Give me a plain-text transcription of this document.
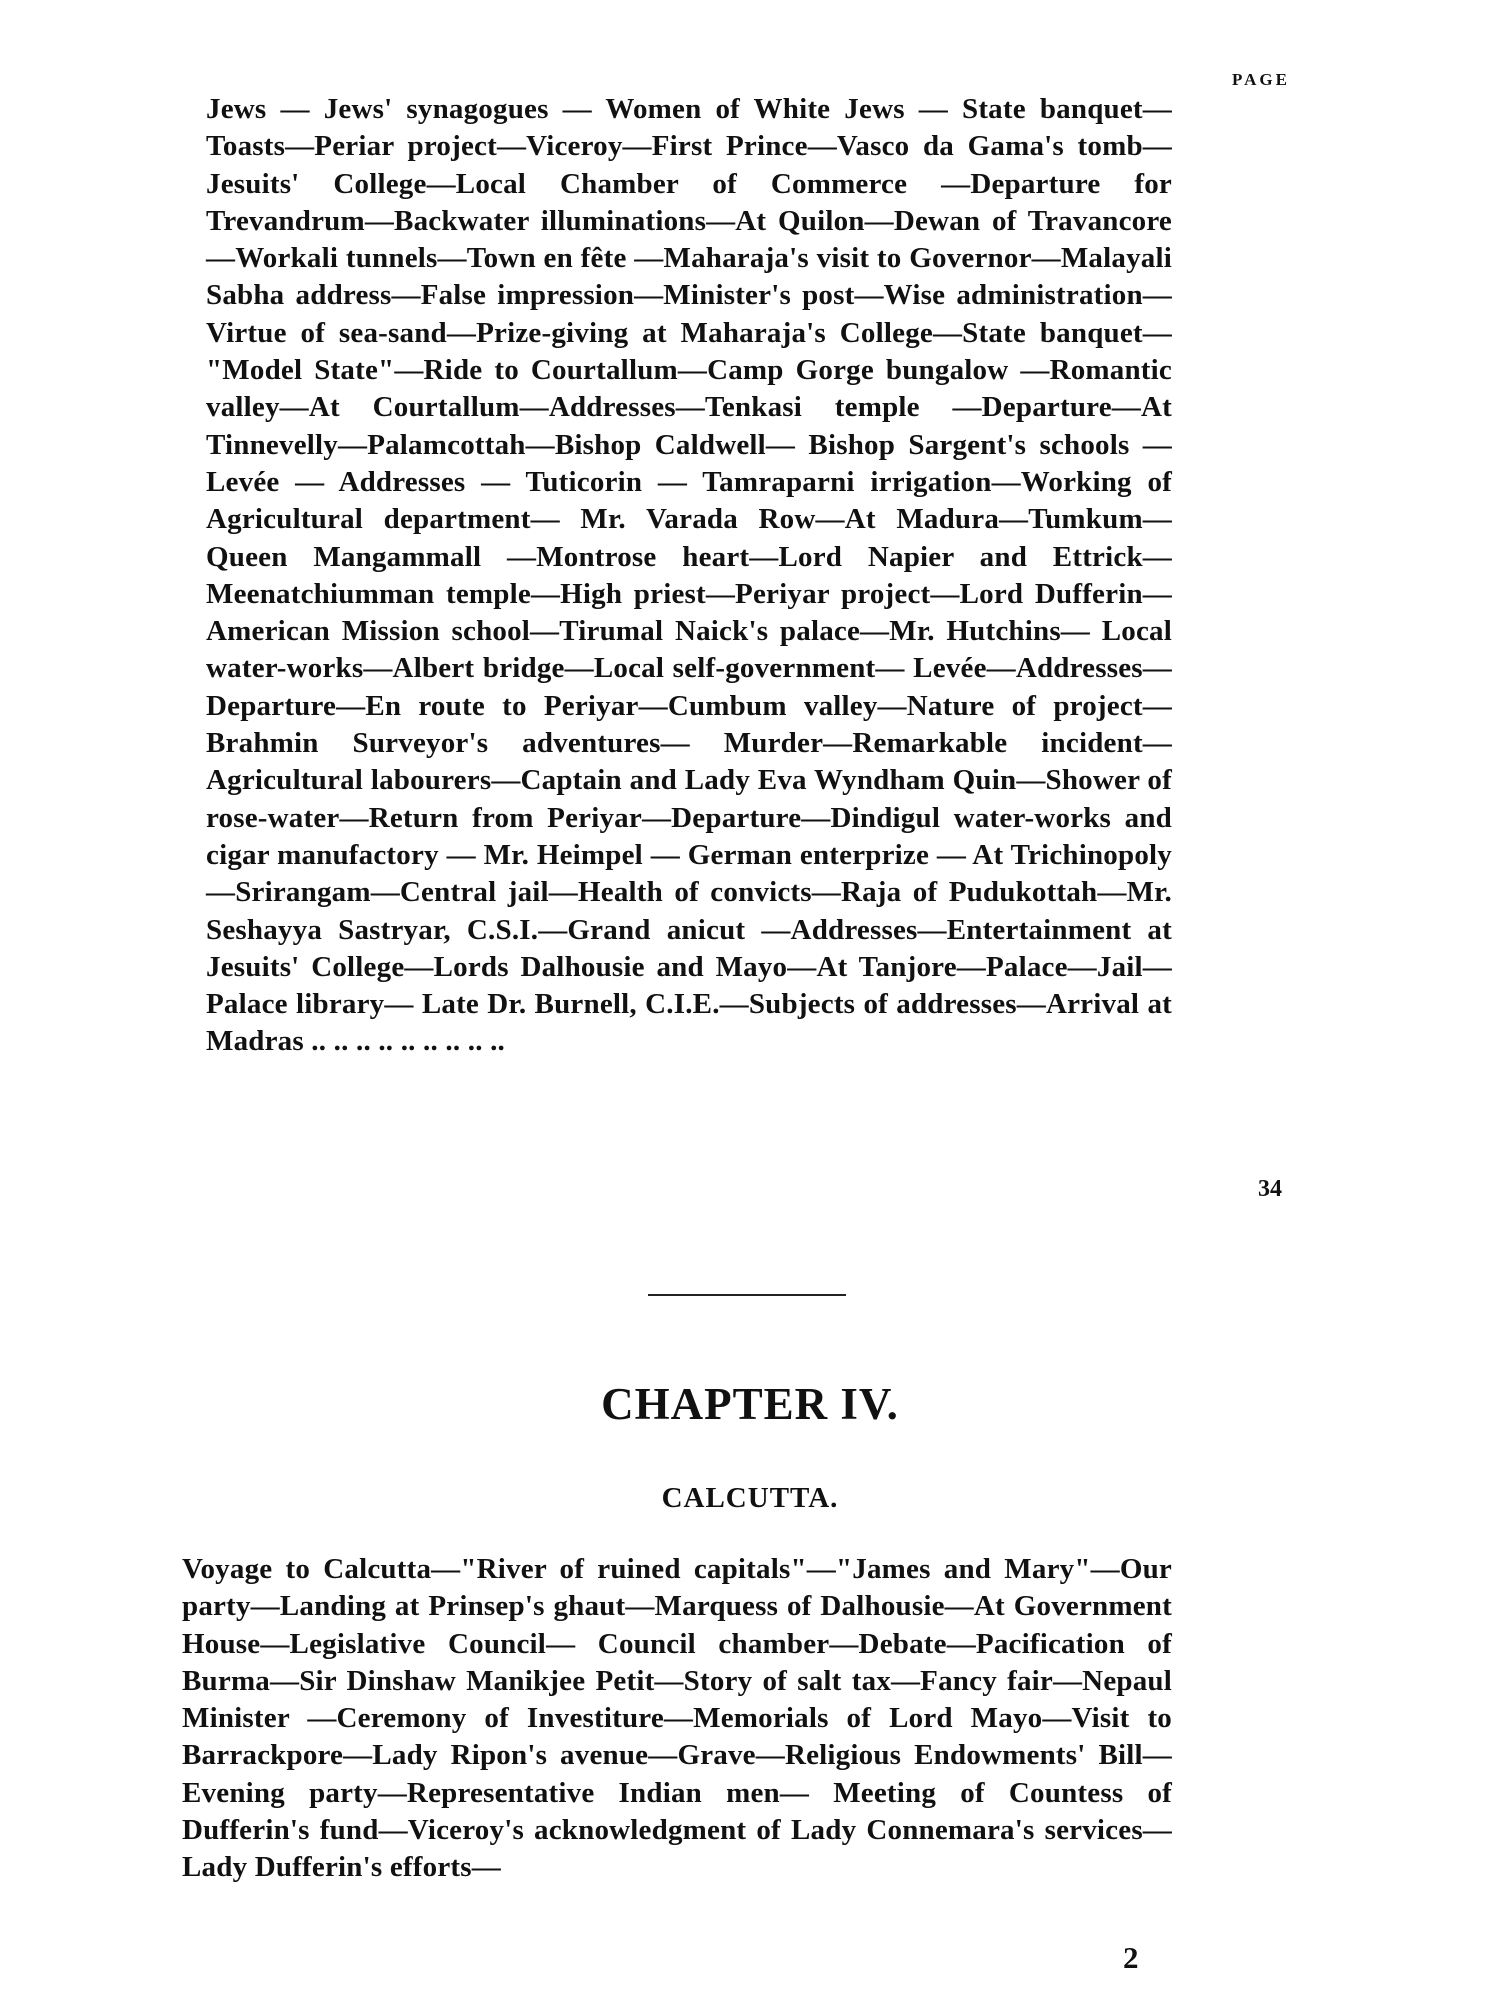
PAGE
Jews — Jews' synagogues — Women of White Jews — State banquet—Toasts—Periar project—Viceroy—First Prince—Vasco da Gama's tomb—Jesuits' College—Local Chamber of Commerce —Departure for Trevandrum—Backwater illuminations—At Quilon—Dewan of Travancore—Workali tunnels—Town en fête —Maharaja's visit to Governor—Malayali Sabha address—False impression—Minister's post—Wise administration—Virtue of sea-sand—Prize-giving at Maharaja's College—State banquet— "Model State"—Ride to Courtallum—Camp Gorge bungalow —Romantic valley—At Courtallum—Addresses—Tenkasi temple —Departure—At Tinnevelly—Palamcottah—Bishop Caldwell— Bishop Sargent's schools — Levée — Addresses — Tuticorin — Tamraparni irrigation—Working of Agricultural department— Mr. Varada Row—At Madura—Tumkum—Queen Mangammall —Montrose heart—Lord Napier and Ettrick—Meenatchiumman temple—High priest—Periyar project—Lord Dufferin—American Mission school—Tirumal Naick's palace—Mr. Hutchins— Local water-works—Albert bridge—Local self-government— Levée—Addresses—Departure—En route to Periyar—Cumbum valley—Nature of project—Brahmin Surveyor's adventures— Murder—Remarkable incident—Agricultural labourers—Captain and Lady Eva Wyndham Quin—Shower of rose-water—Return from Periyar—Departure—Dindigul water-works and cigar manufactory — Mr. Heimpel — German enterprize — At Trichinopoly—Srirangam—Central jail—Health of convicts—Raja of Pudukottah—Mr. Seshayya Sastryar, C.S.I.—Grand anicut —Addresses—Entertainment at Jesuits' College—Lords Dalhousie and Mayo—At Tanjore—Palace—Jail—Palace library— Late Dr. Burnell, C.I.E.—Subjects of addresses—Arrival at Madras .. .. .. .. .. .. .. .. ..
34
CHAPTER IV.
CALCUTTA.
Voyage to Calcutta—"River of ruined capitals"—"James and Mary"—Our party—Landing at Prinsep's ghaut—Marquess of Dalhousie—At Government House—Legislative Council— Council chamber—Debate—Pacification of Burma—Sir Dinshaw Manikjee Petit—Story of salt tax—Fancy fair—Nepaul Minister —Ceremony of Investiture—Memorials of Lord Mayo—Visit to Barrackpore—Lady Ripon's avenue—Grave—Religious Endowments' Bill—Evening party—Representative Indian men— Meeting of Countess of Dufferin's fund—Viceroy's acknowledgment of Lady Connemara's services—Lady Dufferin's efforts—
2
